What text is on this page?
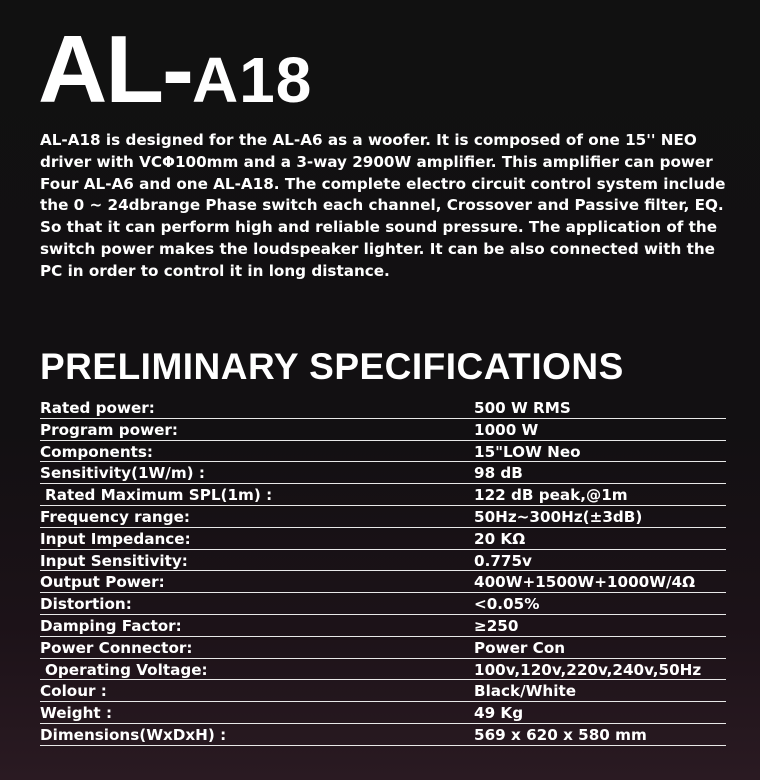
AL-A18
AL-A18 is designed for the AL-A6 as a woofer. It is composed of one 15'' NEO driver with VCΦ100mm and a 3-way 2900W amplifier. This amplifier can power Four AL-A6 and one AL-A18. The complete electro circuit control system include the 0 ~ 24dbrange Phase switch each channel, Crossover and Passive filter, EQ. So that it can perform high and reliable sound pressure. The application of the switch power makes the loudspeaker lighter. It can be also connected with the PC in order to control it in long distance.
PRELIMINARY SPECIFICATIONS
Rated power:	500 W RMS
Program power:	1000 W
Components:	15"LOW Neo
Sensitivity(1W/m) :	98 dB
Rated Maximum SPL(1m) :	122 dB peak,@1m
Frequency range:	50Hz~300Hz(±3dB)
Input Impedance:	20 KΩ
Input Sensitivity:	0.775v
Output Power:	400W+1500W+1000W/4Ω
Distortion:	<0.05%
Damping Factor:	≥250
Power Connector:	Power Con
Operating Voltage:	100v,120v,220v,240v,50Hz
Colour :	Black/White
Weight :	49 Kg
Dimensions(WxDxH) :	569 x 620 x 580 mm
